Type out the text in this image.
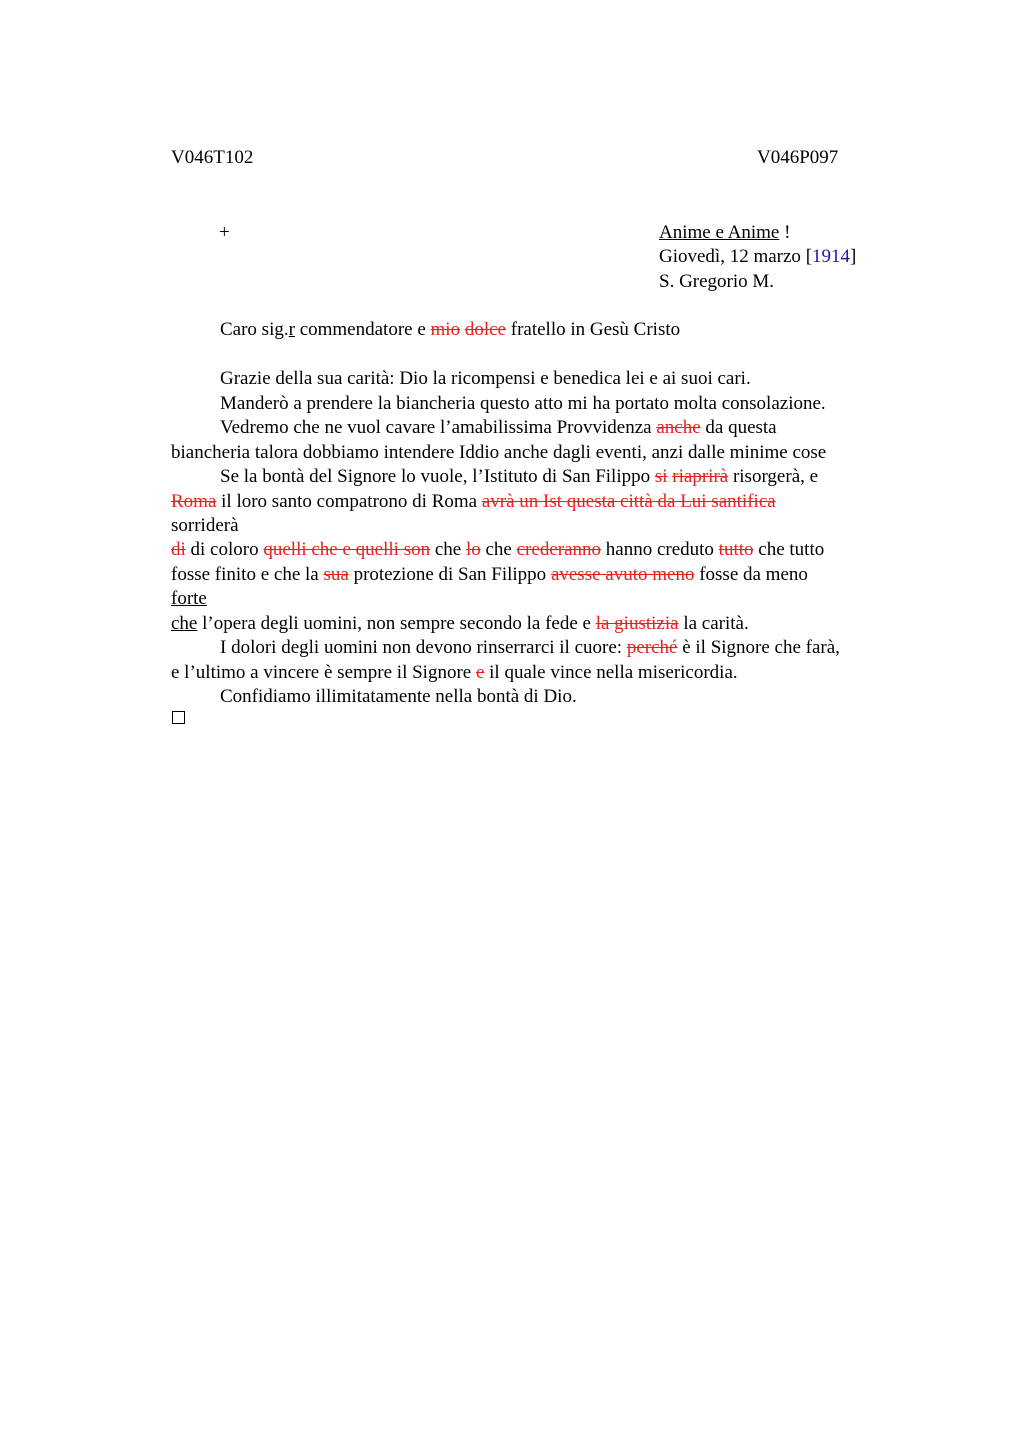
V046T102	V046P097
+	Anime e Anime !
Giovedì, 12 marzo [1914]
S. Gregorio M.
Caro sig.r commendatore e mio dolce fratello in Gesù Cristo
Grazie della sua carità: Dio la ricompensi e benedica lei e ai suoi cari.
Manderò a prendere la biancheria questo atto mi ha portato molta consolazione.
Vedremo che ne vuol cavare l’amabilissima Provvidenza anche da questa
biancheria talora dobbiamo intendere Iddio anche dagli eventi, anzi dalle minime cose
Se la bontà del Signore lo vuole, l’Istituto di San Filippo si riaprirà risorgerà, e
Roma il loro santo compatrono di Roma avrà un Ist questa città da Lui santifica
sorriderà
di di coloro quelli che e quelli son che lo che crederanno hanno creduto tutto che tutto
fosse finito e che la sua protezione di San Filippo avesse avuto meno fosse da meno
forte
che l’opera degli uomini, non sempre secondo la fede e la giustizia la carità.
I dolori degli uomini non devono rinserrarci il cuore: perché è il Signore che farà,
e l’ultimo a vincere è sempre il Signore e il quale vince nella misericordia.
Confidiamo illimitatamente nella bontà di Dio.
